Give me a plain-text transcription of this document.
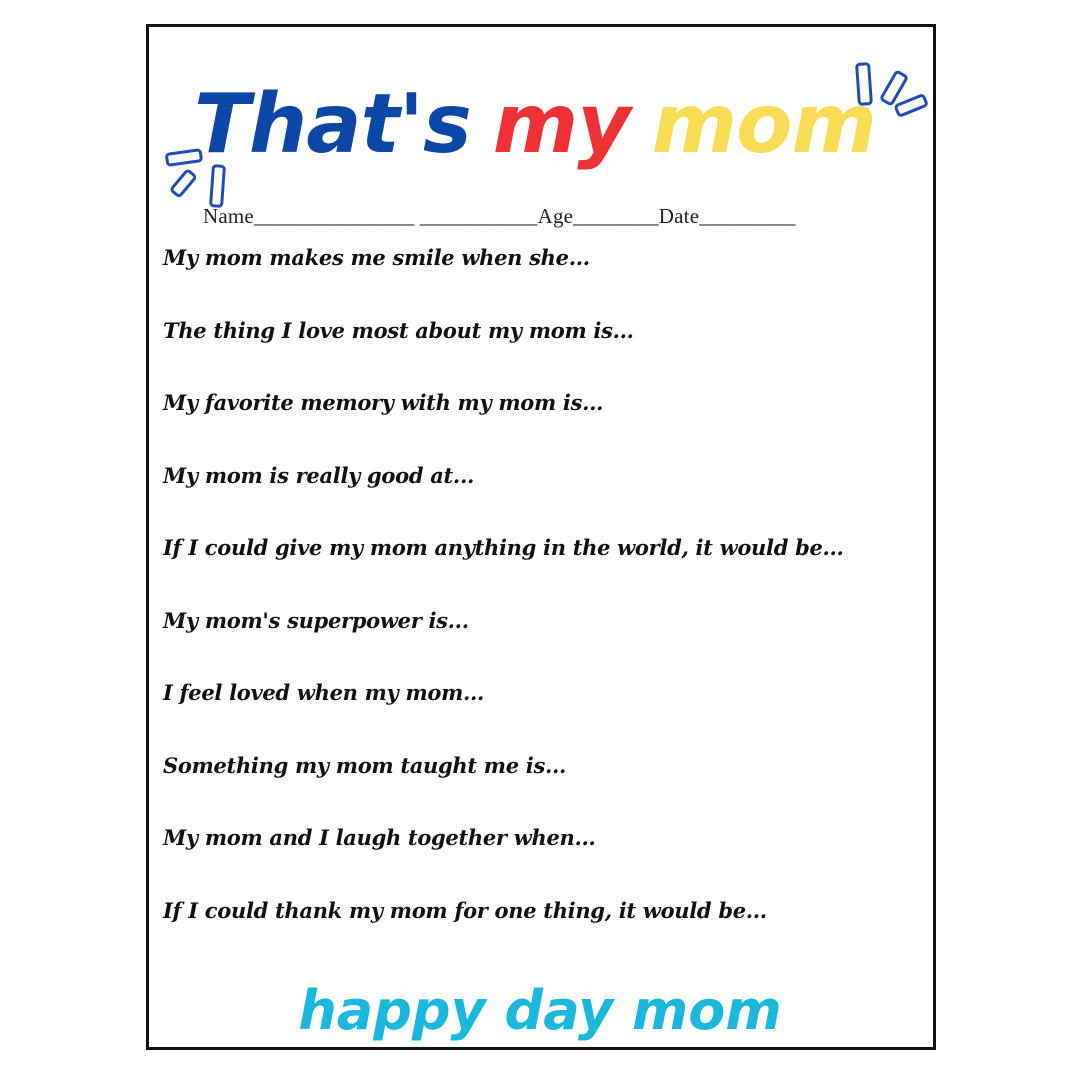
That's my mom
Name_______________ ___________Age________Date_________
My mom makes me smile when she...
The thing I love most about my mom is...
My favorite memory with my mom is...
My mom is really good at...
If I could give my mom anything in the world, it would be...
My mom's superpower is...
I feel loved when my mom...
Something my mom taught me is...
My mom and I laugh together when...
If I could thank my mom for one thing, it would be...
happy day mom
